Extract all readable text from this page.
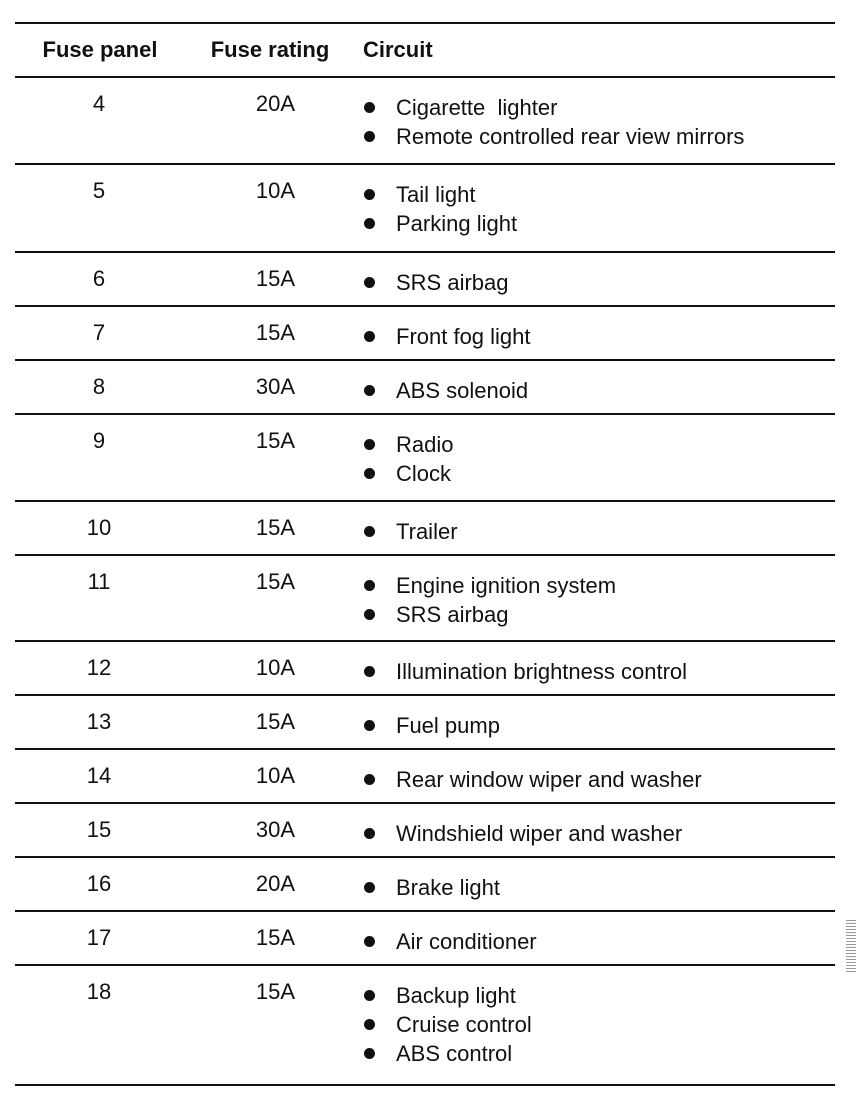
Fuse panel	Fuse rating	Circuit
4	20A	Cigarette  lighter
Remote controlled rear view mirrors
5	10A	Tail light
Parking light
6	15A	SRS airbag
7	15A	Front fog light
8	30A	ABS solenoid
9	15A	Radio
Clock
10	15A	Trailer
11	15A	Engine ignition system
SRS airbag
12	10A	Illumination brightness control
13	15A	Fuel pump
14	10A	Rear window wiper and washer
15	30A	Windshield wiper and washer
16	20A	Brake light
17	15A	Air conditioner
18	15A	Backup light
Cruise control
ABS control
